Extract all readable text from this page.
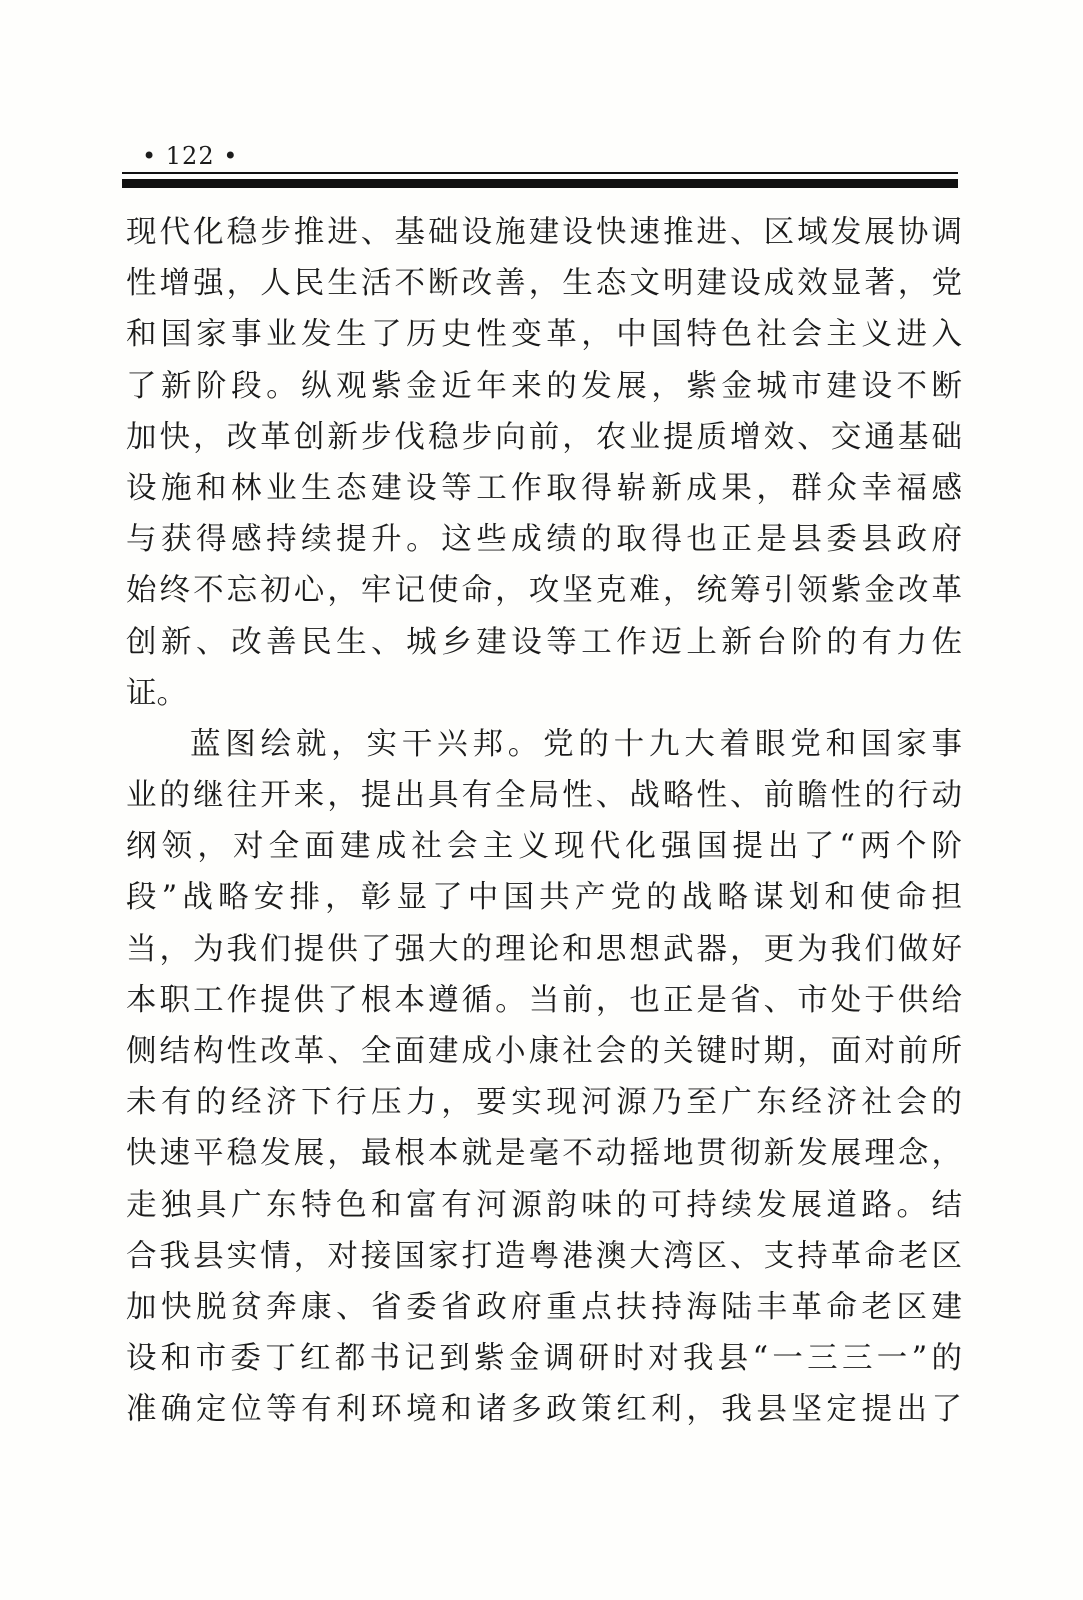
• 122 •
现代化稳步推进、基础设施建设快速推进、区域发展协调
性增强，人民生活不断改善，生态文明建设成效显著，党
和国家事业发生了历史性变革，中国特色社会主义进入
了新阶段。纵观紫金近年来的发展，紫金城市建设不断
加快，改革创新步伐稳步向前，农业提质增效、交通基础
设施和林业生态建设等工作取得崭新成果，群众幸福感
与获得感持续提升。这些成绩的取得也正是县委县政府
始终不忘初心，牢记使命，攻坚克难，统筹引领紫金改革
创新、改善民生、城乡建设等工作迈上新台阶的有力佐
证。
蓝图绘就，实干兴邦。党的十九大着眼党和国家事
业的继往开来，提出具有全局性、战略性、前瞻性的行动
纲领，对全面建成社会主义现代化强国提出了“两个阶
段”战略安排，彰显了中国共产党的战略谋划和使命担
当，为我们提供了强大的理论和思想武器，更为我们做好
本职工作提供了根本遵循。当前，也正是省、市处于供给
侧结构性改革、全面建成小康社会的关键时期，面对前所
未有的经济下行压力，要实现河源乃至广东经济社会的
快速平稳发展，最根本就是毫不动摇地贯彻新发展理念，
走独具广东特色和富有河源韵味的可持续发展道路。结
合我县实情，对接国家打造粤港澳大湾区、支持革命老区
加快脱贫奔康、省委省政府重点扶持海陆丰革命老区建
设和市委丁红都书记到紫金调研时对我县“一三三一”的
准确定位等有利环境和诸多政策红利，我县坚定提出了
